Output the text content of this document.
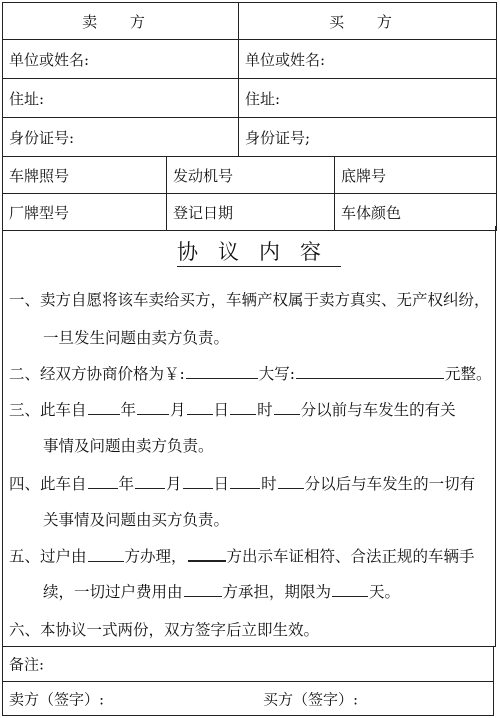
卖 方		买 方	
单位或姓名:		单位或姓名:	
住址:		住址:	
身份证号:		身份证号;	
车牌照号	发动机号		底牌号
厂牌型号	登记日期		车体颜色
协议内容
一、卖方自愿将该车卖给买方，车辆产权属于卖方真实、无产权纠纷，
一旦发生问题由卖方负责。
二、经双方协商价格为￥:	大写:	元整。
三、此车自 年 月 日 时 分以前与车发生的有关
事情及问题由卖方负责。
四、此车自 年 月 日 时 分以后与车发生的一切有
关事情及问题由买方负责。
五、过户由 方办理，	方出示车证相符、合法正规的车辆手
续，一切过户费用由	方承担，期限为 天。
六、本协议一式两份，双方签字后立即生效。
备注:
卖方（签字）:	买方（签字）:
